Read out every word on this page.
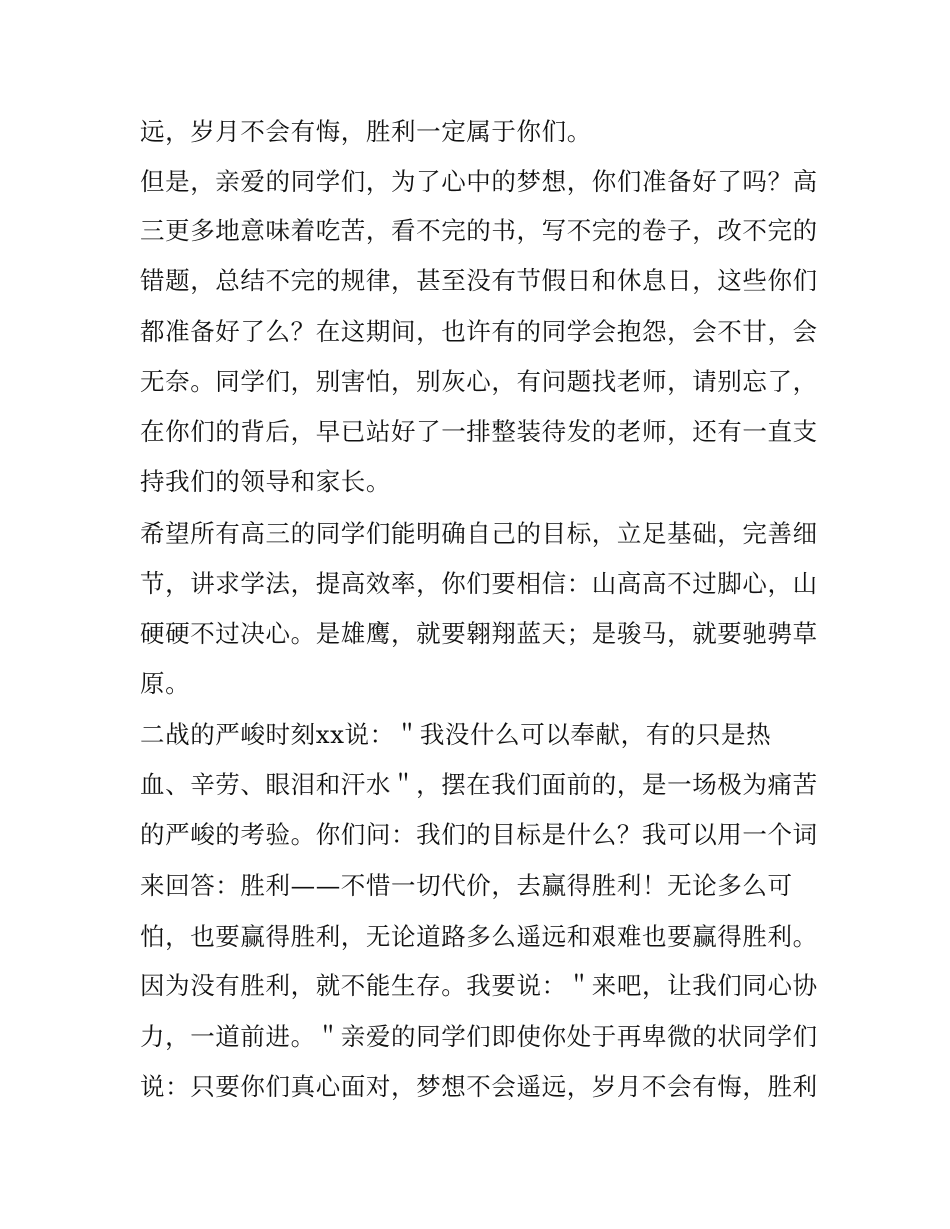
远，岁月不会有悔，胜利一定属于你们。
但是，亲爱的同学们，为了心中的梦想，你们准备好了吗？高
三更多地意味着吃苦，看不完的书，写不完的卷子，改不完的
错题，总结不完的规律，甚至没有节假日和休息日，这些你们
都准备好了么？在这期间，也许有的同学会抱怨，会不甘，会
无奈。同学们，别害怕，别灰心，有问题找老师，请别忘了，
在你们的背后，早已站好了一排整装待发的老师，还有一直支
持我们的领导和家长。
希望所有高三的同学们能明确自己的目标，立足基础，完善细
节，讲求学法，提高效率，你们要相信：山高高不过脚心，山
硬硬不过决心。是雄鹰，就要翱翔蓝天；是骏马，就要驰骋草
原。
二战的严峻时刻xx说：＂我没什么可以奉献，有的只是热
血、辛劳、眼泪和汗水＂，摆在我们面前的，是一场极为痛苦
的严峻的考验。你们问：我们的目标是什么？我可以用一个词
来回答：胜利——不惜一切代价，去赢得胜利！无论多么可
怕，也要赢得胜利，无论道路多么遥远和艰难也要赢得胜利。
因为没有胜利，就不能生存。我要说：＂来吧，让我们同心协
力，一道前进。＂亲爱的同学们即使你处于再卑微的状同学们
说：只要你们真心面对，梦想不会遥远，岁月不会有悔，胜利
